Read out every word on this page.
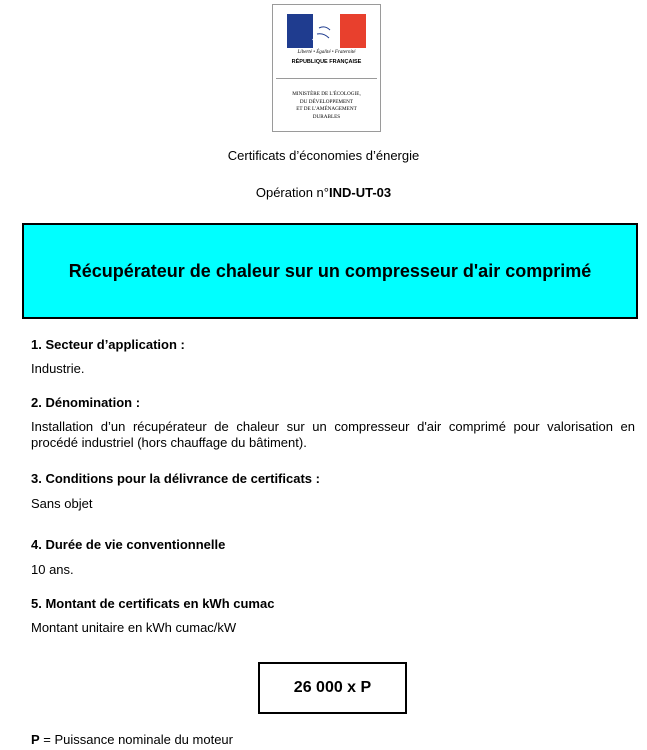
Liberté • Égalité • Fraternité
RÉPUBLIQUE FRANÇAISE
MINISTÈRE DE L'ÉCOLOGIE,
DU DÉVELOPPEMENT
ET DE L'AMÉNAGEMENT
DURABLES
Certificats d’économies d’énergie
Opération n°IND-UT-03
Récupérateur de chaleur sur un compresseur d'air comprimé
1. Secteur d’application :
Industrie.
2. Dénomination :
Installation d’un récupérateur de chaleur sur un compresseur d'air comprimé pour valorisation en procédé industriel (hors chauffage du bâtiment).
3. Conditions pour la délivrance de certificats :
Sans objet
4. Durée de vie conventionnelle
10 ans.
5. Montant de certificats en kWh cumac
Montant unitaire en kWh cumac/kW
26 000 x P
P = Puissance nominale du moteur
